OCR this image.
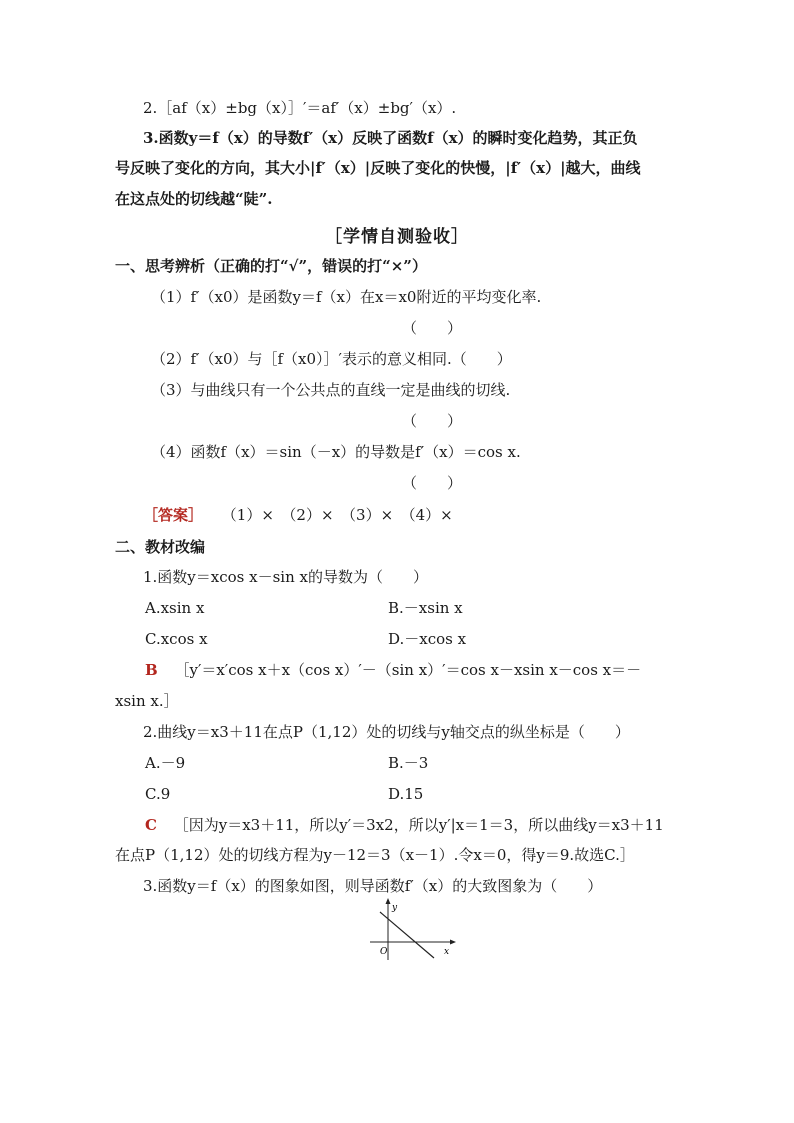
2.［af（x）±bg（x）］′＝af′（x）±bg′（x）.
3.函数y＝f（x）的导数f′（x）反映了函数f（x）的瞬时变化趋势，其正负
号反映了变化的方向，其大小|f′（x）|反映了变化的快慢，|f′（x）|越大，曲线
在这点处的切线越“陡”.
［学情自测验收］
一、思考辨析（正确的打“√”，错误的打“×”）
（1）f′（x0）是函数y＝f（x）在x＝x0附近的平均变化率.
（　　）
（2）f′（x0）与［f（x0）］′表示的意义相同.（　　）
（3）与曲线只有一个公共点的直线一定是曲线的切线.
（　　）
（4）函数f（x）＝sin（－x）的导数是f′（x）＝cos x.
（　　）
［答案］ （1）×　（2）×　（3）×　（4）×
二、教材改编
1.函数y＝xcos x－sin x的导数为（　　）
A.xsin x	B.－xsin x
C.xcos x	D.－xcos x
B ［y′＝x′cos x＋x（cos x）′－（sin x）′＝cos x－xsin x－cos x＝－
xsin x.］
2.曲线y＝x3＋11在点P（1,12）处的切线与y轴交点的纵坐标是（　　）
A.－9	B.－3
C.9	D.15
C ［因为y＝x3＋11，所以y′＝3x2，所以y′|x＝1＝3，所以曲线y＝x3＋11
在点P（1,12）处的切线方程为y－12＝3（x－1）.令x＝0，得y＝9.故选C.］
3.函数y＝f（x）的图象如图，则导函数f′（x）的大致图象为（　　）
y
x
O
